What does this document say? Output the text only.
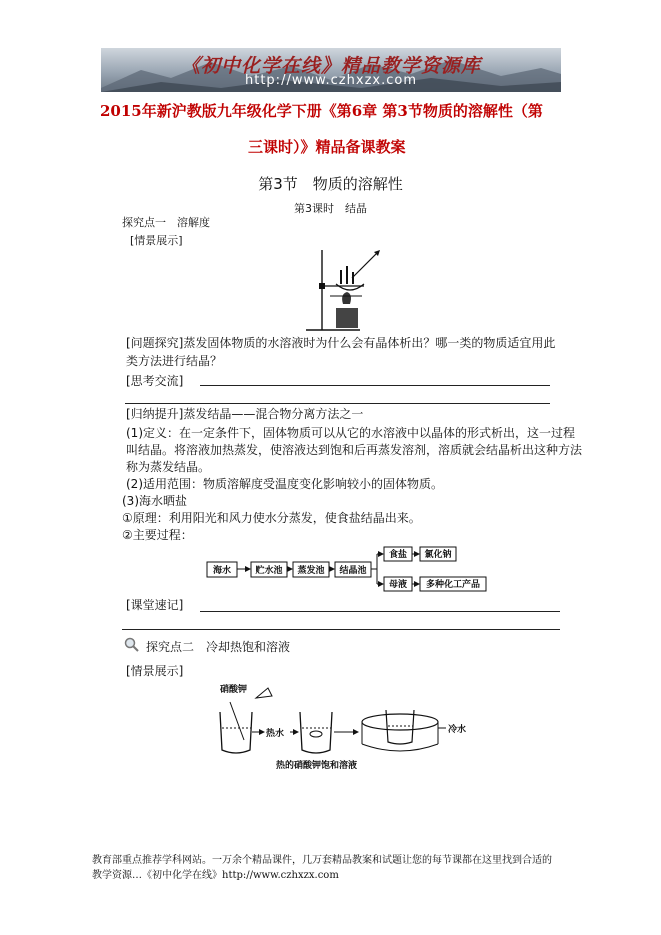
《初中化学在线》精品教学资源库
http://www.czhxzx.com
2015年新沪教版九年级化学下册《第6章 第3节物质的溶解性（第
三课时）》精品备课教案
第3节　物质的溶解性
第3课时　结晶
探究点一　溶解度
[情景展示]
[问题探究]蒸发固体物质的水溶液时为什么会有晶体析出？哪一类的物质适宜用此
类方法进行结晶？
[思考交流]
[归纳提升]蒸发结晶——混合物分离方法之一
(1)定义：在一定条件下，固体物质可以从它的水溶液中以晶体的形式析出，这一过程
叫结晶。将溶液加热蒸发，使溶液达到饱和后再蒸发溶剂，溶质就会结晶析出这种方法
称为蒸发结晶。
(2)适用范围：物质溶解度受温度变化影响较小的固体物质。
(3)海水晒盐
①原理：利用阳光和风力使水分蒸发，使食盐结晶出来。
②主要过程：
海水	贮水池 蒸发池 结晶池
食盐
母液
氯化钠
多种化工产品
[课堂速记]
探究点二　冷却热饱和溶液
[情景展示]
硝酸钾
热水	冷水
热的硝酸钾饱和溶液
教育部重点推荐学科网站。一万余个精品课件，几万套精品教案和试题让您的每节课都在这里找到合适的
教学资源…《初中化学在线》http://www.czhxzx.com
